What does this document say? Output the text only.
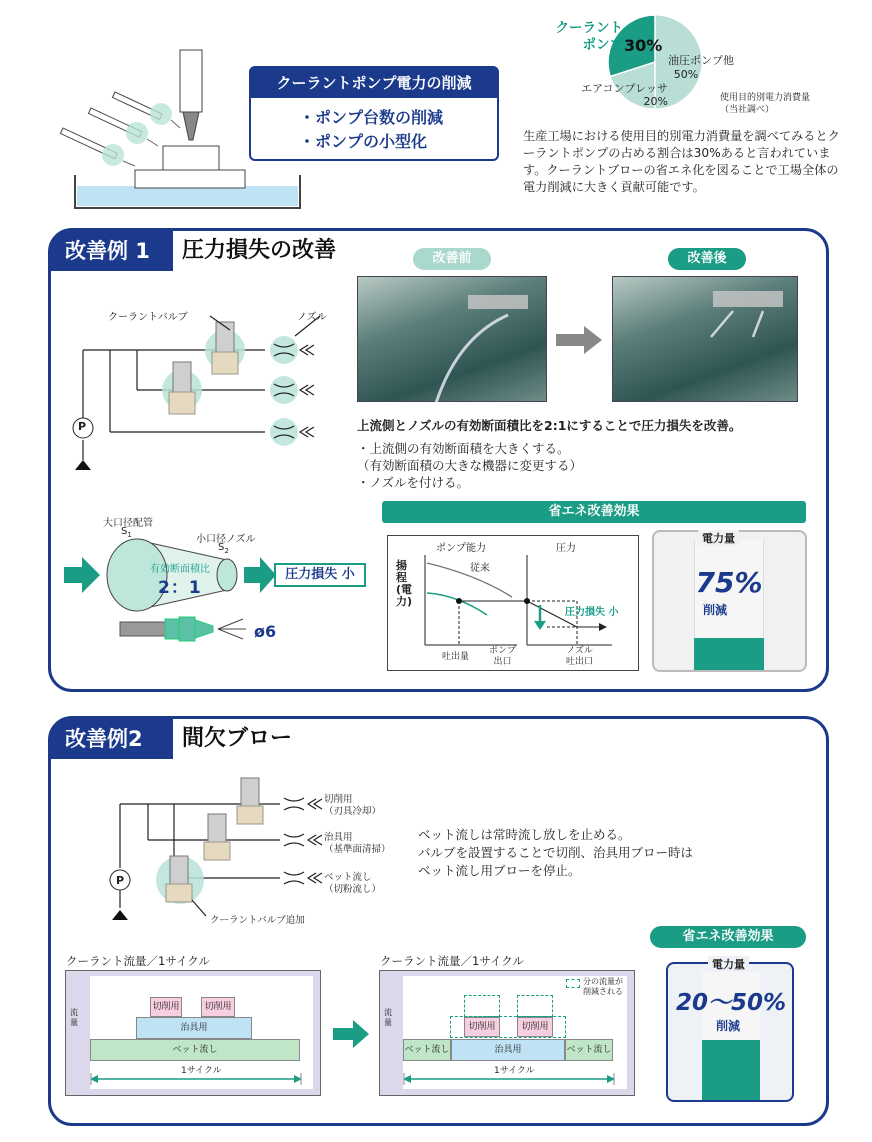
クーラントポンプ電力の削減
・ポンプ台数の削減
・ポンプの小型化
クーラント
ポンプ 30%
油圧ポンプ他
50%
エアコンプレッサ
20%	使用目的別電力消費量
（当社調べ）
生産工場における使用目的別電力消費量を調べてみるとクーラントポンプの占める割合は30%あると言われています。クーラントブローの省エネ化を図ることで工場全体の電力削減に大きく貢献可能です。
改善例 1	圧力損失の改善
クーラントバルブ	ノズル
P
改善前	改善後
上流側とノズルの有効断面積比を2:1にすることで圧力損失を改善。
・上流側の有効断面積を大きくする。
（有効断面積の大きな機器に変更する）
・ノズルを付ける。
大口径配管
$S_1$	小口径ノズル
$S_2$
有効断面積比
2：1
圧力損失 小
ø6
省エネ改善効果
ポンプ能力	圧力
従来
揚程(電力)
圧力損失 小
吐出量
ポンプ
出口
ノズル
吐出口
電力量
75%
削減
改善例2	間欠ブロー
P
切削用
（刃具冷却）
治具用
（基準面清掃）
ベット流し
（切粉流し）
クーラントバルブ追加
ベット流しは常時流し放しを止める。
バルブを設置することで切削、治具用ブロー時は
ベット流し用ブローを停止。
クーラント流量／1サイクル
流量
切削用	切削用
治具用
ベット流し
1サイクル
クーラント流量／1サイクル
流量
分の流量が
削減される
切削用	切削用
ベット流し	治具用	ベット流し
1サイクル
省エネ改善効果
電力量
20～50%
削減
